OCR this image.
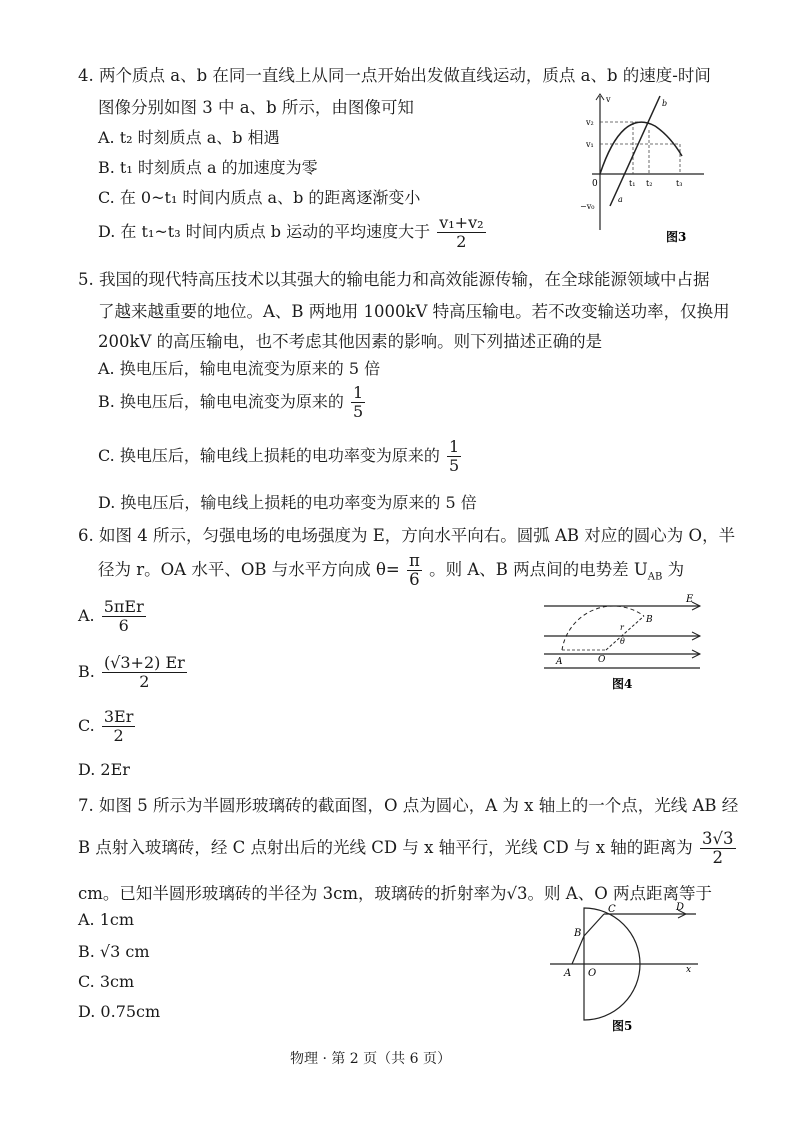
4. 两个质点 a、b 在同一直线上从同一点开始出发做直线运动，质点 a、b 的速度-时间
图像分别如图 3 中 a、b 所示，由图像可知
A. t₂ 时刻质点 a、b 相遇
B. t₁ 时刻质点 a 的加速度为零
C. 在 0~t₁ 时间内质点 a、b 的距离逐渐变小
D. 在 t₁~t₃ 时间内质点 b 运动的平均速度大于 $\frac{\text{v₁+v₂}}{2}$
v
v₂
v₁
−v₀
0	t₁ t₂	t₃
a
b
图3
5. 我国的现代特高压技术以其强大的输电能力和高效能源传输，在全球能源领域中占据
了越来越重要的地位。A、B 两地用 1000kV 特高压输电。若不改变输送功率，仅换用
200kV 的高压输电，也不考虑其他因素的影响。则下列描述正确的是
A. 换电压后，输电电流变为原来的 5 倍
B. 换电压后，输电电流变为原来的 $\frac{1}{5}$
C. 换电压后，输电线上损耗的电功率变为原来的 $\frac{1}{5}$
D. 换电压后，输电线上损耗的电功率变为原来的 5 倍
6. 如图 4 所示，匀强电场的电场强度为 E，方向水平向右。圆弧 AB 对应的圆心为 O，半
径为 r。OA 水平、OB 与水平方向成 $\theta= \frac{\pi}{6}$ 。则 A、B 两点间的电势差 $U_{AB}$ 为
A. $\frac{\text{5πEr}}{6}$
B. $\frac{(√3+2) Er}{2}$
C. $\frac{3Er}{2}$
D. 2Er
E
B
r
θ
A	O
图4
7. 如图 5 所示为半圆形玻璃砖的截面图，O 点为圆心，A 为 x 轴上的一个点，光线 AB 经
B 点射入玻璃砖，经 C 点射出后的光线 CD 与 x 轴平行，光线 CD 与 x 轴的距离为 $\frac{3√3}{2}$
cm。已知半圆形玻璃砖的半径为 3cm，玻璃砖的折射率为√3。则 A、O 两点距离等于
A. 1cm
B. √3 cm
C. 3cm
D. 0.75cm
x
C	D
B
A O
图5
物理 · 第 2 页（共 6 页）
